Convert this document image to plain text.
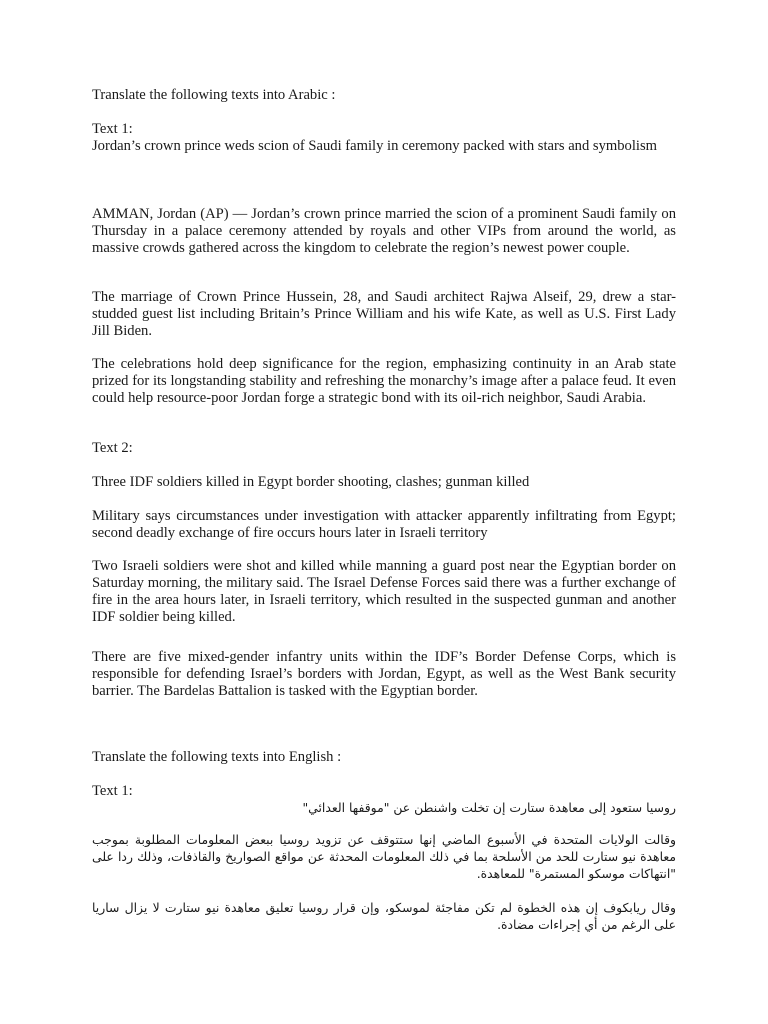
Translate the following texts into Arabic :

Text 1:

Jordan’s crown prince weds scion of Saudi family in ceremony packed with stars and symbolism

AMMAN, Jordan (AP) — Jordan’s crown prince married the scion of a prominent Saudi family on Thursday in a palace ceremony attended by royals and other VIPs from around the world, as massive crowds gathered across the kingdom to celebrate the region’s newest power couple.

The marriage of Crown Prince Hussein, 28, and Saudi architect Rajwa Alseif, 29, drew a star-studded guest list including Britain’s Prince William and his wife Kate, as well as U.S. First Lady Jill Biden.

The celebrations hold deep significance for the region, emphasizing continuity in an Arab state prized for its longstanding stability and refreshing the monarchy’s image after a palace feud. It even could help resource-poor Jordan forge a strategic bond with its oil-rich neighbor, Saudi Arabia.

Text 2:

Three IDF soldiers killed in Egypt border shooting, clashes; gunman killed

Military says circumstances under investigation with attacker apparently infiltrating from Egypt; second deadly exchange of fire occurs hours later in Israeli territory

Two Israeli soldiers were shot and killed while manning a guard post near the Egyptian border on Saturday morning, the military said. The Israel Defense Forces said there was a further exchange of fire in the area hours later, in Israeli territory, which resulted in the suspected gunman and another IDF soldier being killed.

There are five mixed-gender infantry units within the IDF’s Border Defense Corps, which is responsible for defending Israel’s borders with Jordan, Egypt, as well as the West Bank security barrier. The Bardelas Battalion is tasked with the Egyptian border.

Translate the following texts into English :

Text 1:

روسيا ستعود إلى معاهدة ستارت إن تخلت واشنطن عن "موقفها العدائي"

وقالت الولايات المتحدة في الأسبوع الماضي إنها ستتوقف عن تزويد روسيا ببعض المعلومات المطلوبة بموجب معاهدة نيو ستارت للحد من الأسلحة بما في ذلك المعلومات المحدثة عن مواقع الصواريخ والقاذفات، وذلك ردا على "انتهاكات موسكو المستمرة" للمعاهدة.

وقال ريابكوف إن هذه الخطوة لم تكن مفاجئة لموسكو، وإن قرار روسيا تعليق معاهدة نيو ستارت لا يزال ساريا على الرغم من أي إجراءات مضادة.
